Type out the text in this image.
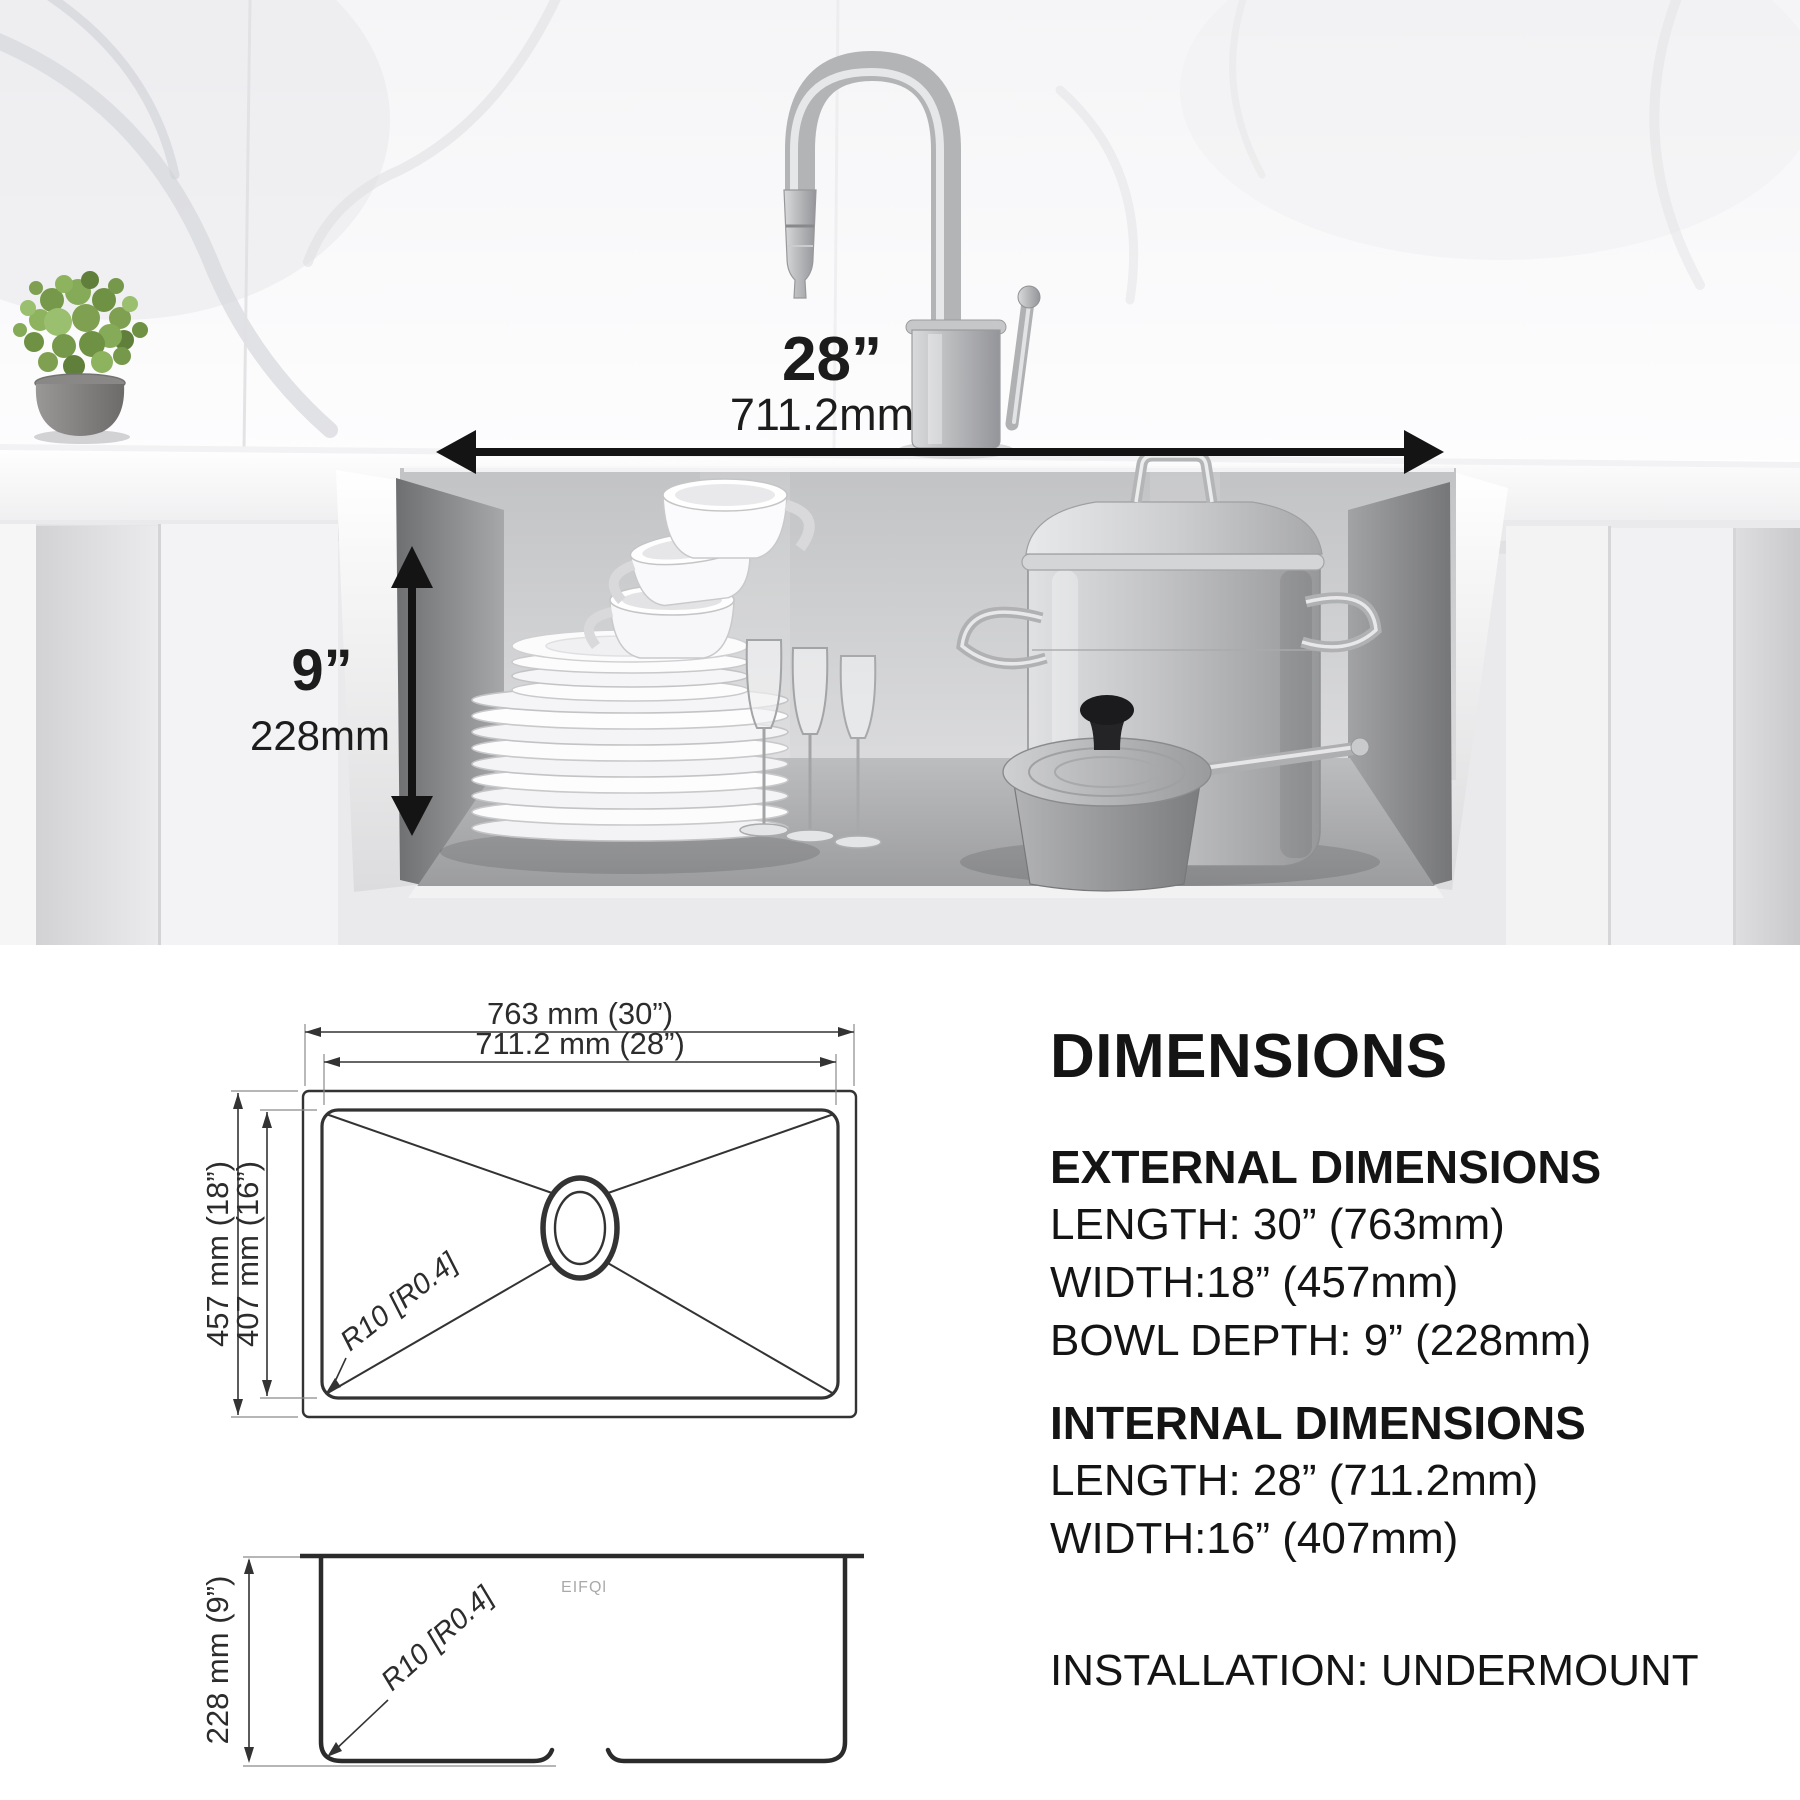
28”
711.2mm
9”
228mm
763 mm (30”)
711.2 mm (28”)
457 mm (18”)
407 mm (16”) R10 [R0.4]
228 mm (9”)	R10 [R0.4]	EIFQl
DIMENSIONS
EXTERNAL DIMENSIONS
LENGTH: 30” (763mm)
WIDTH:18” (457mm)
BOWL DEPTH: 9” (228mm)
INTERNAL DIMENSIONS
LENGTH: 28” (711.2mm)
WIDTH:16” (407mm)
INSTALLATION: UNDERMOUNT
